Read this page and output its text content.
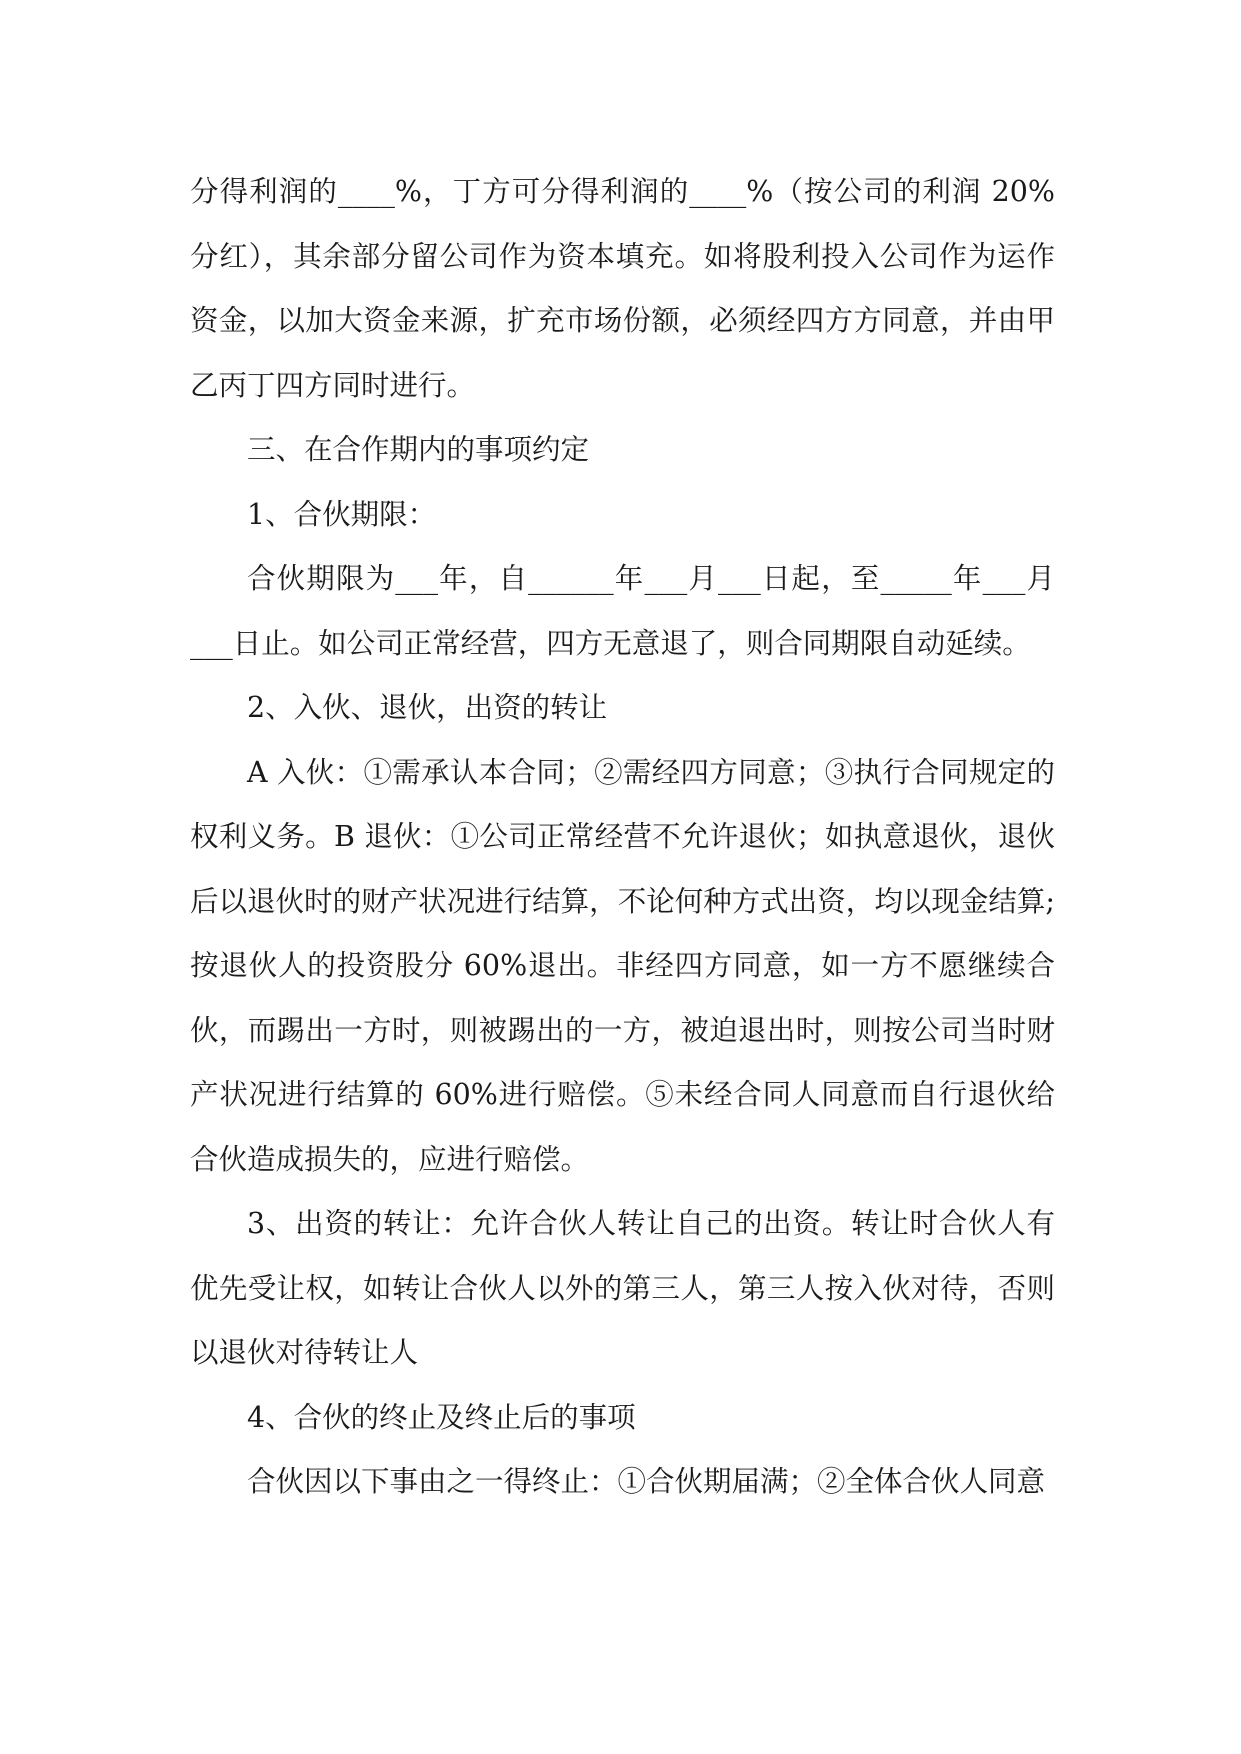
分得利润的____%，丁方可分得利润的____%（按公司的利润 20%分红），其余部分留公司作为资本填充。如将股利投入公司作为运作资金，以加大资金来源，扩充市场份额，必须经四方方同意，并由甲乙丙丁四方同时进行。

三、在合作期内的事项约定

1、合伙期限：

合伙期限为___年，自______年___月___日起，至_____年___月___日止。如公司正常经营，四方无意退了，则合同期限自动延续。

2、入伙、退伙，出资的转让

A 入伙：①需承认本合同；②需经四方同意；③执行合同规定的权利义务。B 退伙：①公司正常经营不允许退伙；如执意退伙，退伙后以退伙时的财产状况进行结算，不论何种方式出资，均以现金结算;按退伙人的投资股分 60%退出。非经四方同意，如一方不愿继续合伙，而踢出一方时，则被踢出的一方，被迫退出时，则按公司当时财产状况进行结算的 60%进行赔偿。⑤未经合同人同意而自行退伙给合伙造成损失的，应进行赔偿。

3、出资的转让：允许合伙人转让自己的出资。转让时合伙人有优先受让权，如转让合伙人以外的第三人，第三人按入伙对待，否则以退伙对待转让人

4、合伙的终止及终止后的事项

合伙因以下事由之一得终止：①合伙期届满；②全体合伙人同意
